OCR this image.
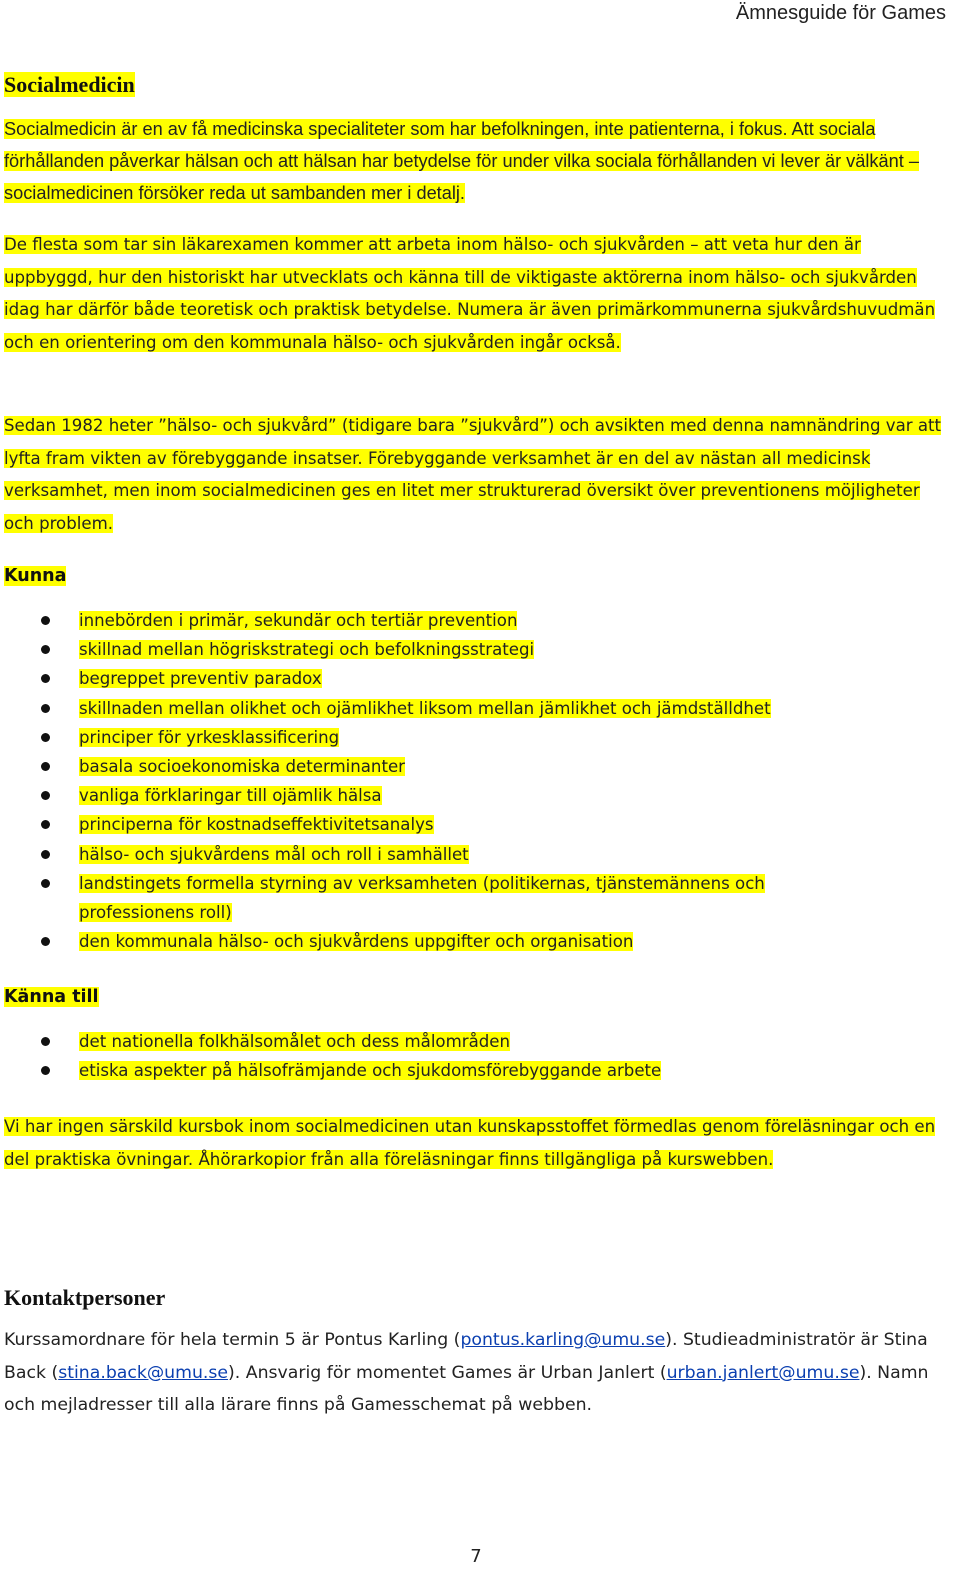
Ämnesguide för Games
Socialmedicin
Socialmedicin är en av få medicinska specialiteter som har befolkningen, inte patienterna, i fokus. Att sociala förhållanden påverkar hälsan och att hälsan har betydelse för under vilka sociala förhållanden vi lever är välkänt – socialmedicinen försöker reda ut sambanden mer i detalj.
De flesta som tar sin läkarexamen kommer att arbeta inom hälso- och sjukvården – att veta hur den är uppbyggd, hur den historiskt har utvecklats och känna till de viktigaste aktörerna inom hälso- och sjukvården idag har därför både teoretisk och praktisk betydelse. Numera är även primärkommunerna sjukvårdshuvudmän och en orientering om den kommunala hälso- och sjukvården ingår också.
Sedan 1982 heter ”hälso- och sjukvård” (tidigare bara ”sjukvård”) och avsikten med denna namnändring var att lyfta fram vikten av förebyggande insatser. Förebyggande verksamhet är en del av nästan all medicinsk verksamhet, men inom socialmedicinen ges en litet mer strukturerad översikt över preventionens möjligheter och problem.
Kunna
innebörden i primär, sekundär och tertiär prevention
skillnad mellan högriskstrategi och befolkningsstrategi
begreppet preventiv paradox
skillnaden mellan olikhet och ojämlikhet liksom mellan jämlikhet och jämdställdhet
principer för yrkesklassificering
basala socioekonomiska determinanter
vanliga förklaringar till ojämlik hälsa
principerna för kostnadseffektivitetsanalys
hälso- och sjukvårdens mål och roll i samhället
landstingets formella styrning av verksamheten (politikernas, tjänstemännens och professionens roll)
den kommunala hälso- och sjukvårdens uppgifter och organisation
Känna till
det nationella folkhälsomålet och dess målområden
etiska aspekter på hälsofrämjande och sjukdomsförebyggande arbete
Vi har ingen särskild kursbok inom socialmedicinen utan kunskapsstoffet förmedlas genom föreläsningar och en del praktiska övningar. Åhörarkopior från alla föreläsningar finns tillgängliga på kurswebben.
Kontaktpersoner
Kurssamordnare för hela termin 5 är Pontus Karling (pontus.karling@umu.se). Studieadministratör är Stina Back (stina.back@umu.se). Ansvarig för momentet Games är Urban Janlert (urban.janlert@umu.se). Namn och mejladresser till alla lärare finns på Gamesschemat på webben.
7
